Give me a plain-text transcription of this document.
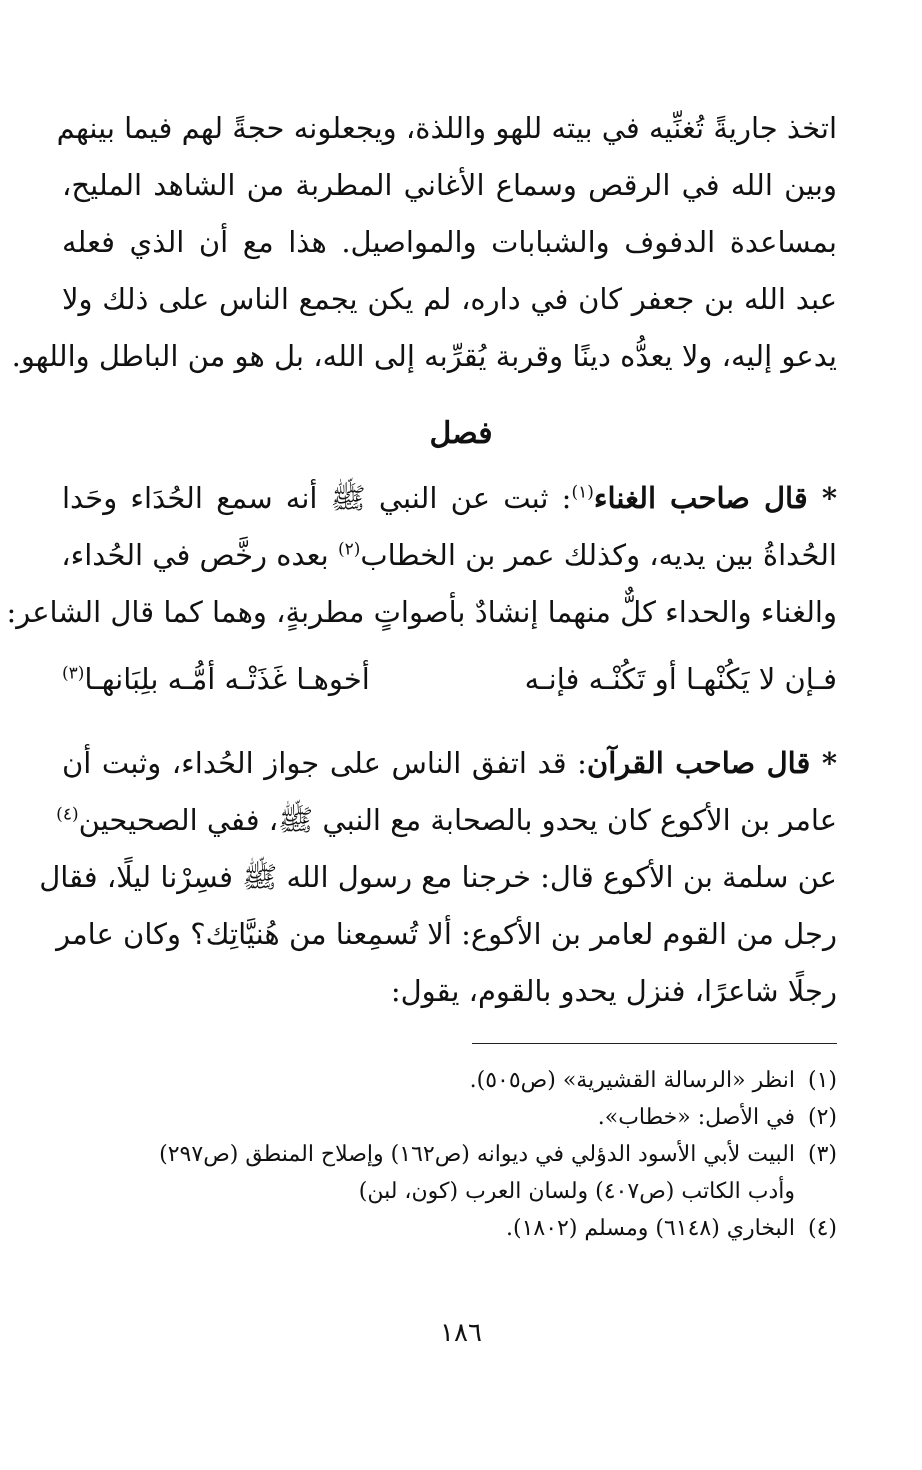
اتخذ جاريةً تُغنِّيه في بيته للهو واللذة، ويجعلونه حجةً لهم فيما بينهم
وبين الله في الرقص وسماع الأغاني المطربة من الشاهد المليح،
بمساعدة الدفوف والشبابات والمواصيل. هذا مع أن الذي فعله
عبد الله بن جعفر كان في داره، لم يكن يجمع الناس على ذلك ولا
يدعو إليه، ولا يعدُّه دينًا وقربة يُقرِّبه إلى الله، بل هو من الباطل واللهو.
فصل
* قال صاحب الغناء$^{(١)}$: ثبت عن النبي ﷺ أنه سمع الحُدَاء وحَدا
الحُداةُ بين يديه، وكذلك عمر بن الخطاب$^{(٢)}$ بعده رخَّص في الحُداء،
والغناء والحداء كلٌّ منهما إنشادٌ بأصواتٍ مطربةٍ، وهما كما قال الشاعر:
فـإن لا يَكُنْهـا أو تَكُنْـه فإنـه
أخوهـا غَذَتْـه أمُّـه بلِبَانهـا$^{(٣)}$
* قال صاحب القرآن: قد اتفق الناس على جواز الحُداء، وثبت أن
عامر بن الأكوع كان يحدو بالصحابة مع النبي ﷺ، ففي الصحيحين$^{(٤)}$
عن سلمة بن الأكوع قال: خرجنا مع رسول الله ﷺ فسِرْنا ليلًا، فقال
رجل من القوم لعامر بن الأكوع: ألا تُسمِعنا من هُنيَّاتِك؟ وكان عامر
رجلًا شاعرًا، فنزل يحدو بالقوم، يقول:
(١)انظر «الرسالة القشيرية» (ص٥٠٥).
(٢)في الأصل: «خطاب».
(٣)البيت لأبي الأسود الدؤلي في ديوانه (ص١٦٢) وإصلاح المنطق (ص٢٩٧)
وأدب الكاتب (ص٤٠٧) ولسان العرب (كون، لبن)
(٤)البخاري (٦١٤٨) ومسلم (١٨٠٢).
١٨٦
